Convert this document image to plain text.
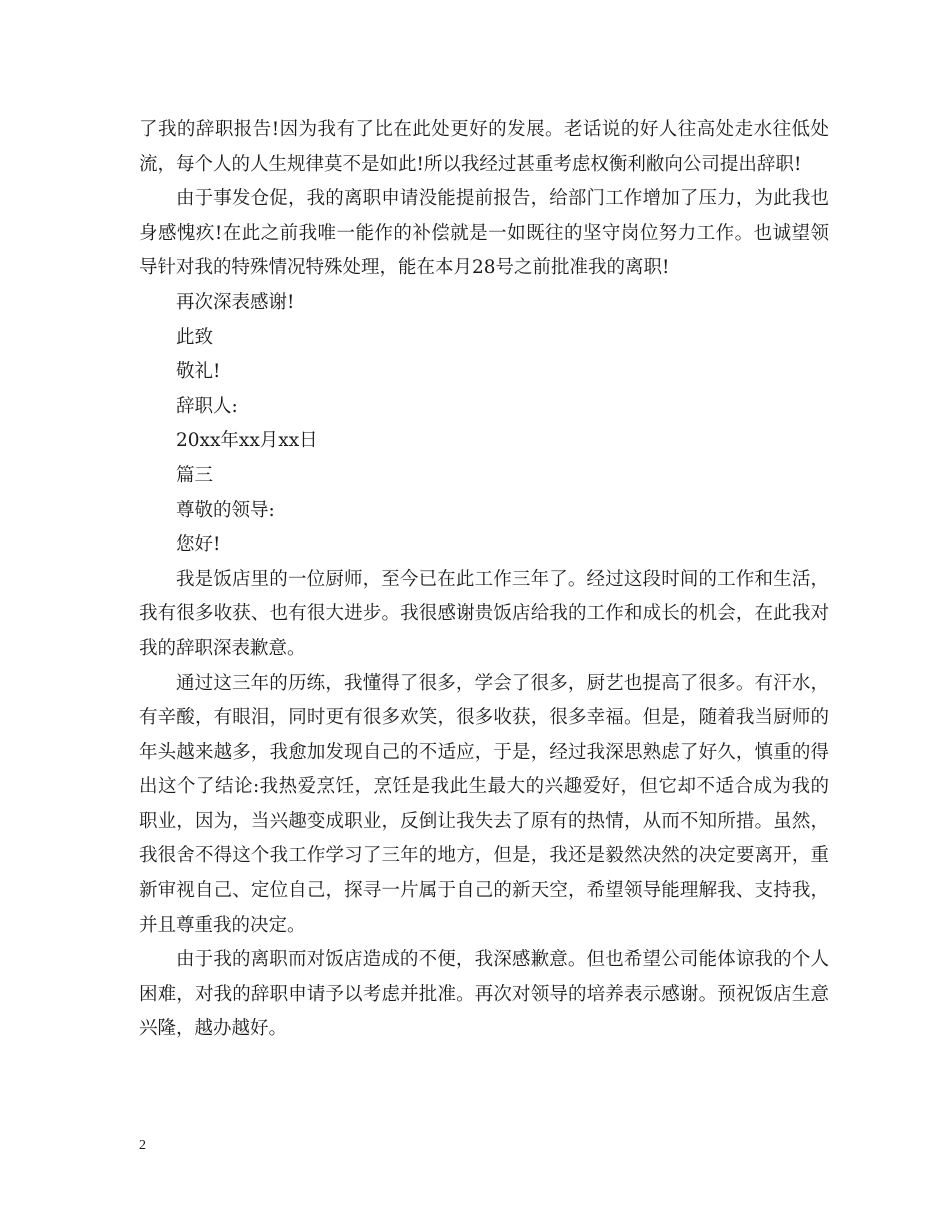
了我的辞职报告!因为我有了比在此处更好的发展。老话说的好人往高处走水往低处流，每个人的人生规律莫不是如此!所以我经过甚重考虑权衡利敝向公司提出辞职!

由于事发仓促，我的离职申请没能提前报告，给部门工作增加了压力，为此我也身感愧疚!在此之前我唯一能作的补偿就是一如既往的坚守岗位努力工作。也诚望领导针对我的特殊情况特殊处理，能在本月28号之前批准我的离职!

再次深表感谢!

此致

敬礼!

辞职人:

20xx年xx月xx日

篇三

尊敬的领导:

您好!

我是饭店里的一位厨师，至今已在此工作三年了。经过这段时间的工作和生活， 我有很多收获、也有很大进步。我很感谢贵饭店给我的工作和成长的机会，在此我对我的辞职深表歉意。

通过这三年的历练，我懂得了很多，学会了很多，厨艺也提高了很多。有汗水，有辛酸，有眼泪，同时更有很多欢笑，很多收获，很多幸福。但是，随着我当厨师的年头越来越多，我愈加发现自己的不适应，于是，经过我深思熟虑了好久，慎重的得出这个了结论:我热爱烹饪，烹饪是我此生最大的兴趣爱好，但它却不适合成为我的职业，因为，当兴趣变成职业，反倒让我失去了原有的热情，从而不知所措。虽然，我很舍不得这个我工作学习了三年的地方，但是，我还是毅然决然的决定要离开，重新审视自己、定位自己，探寻一片属于自己的新天空，希望领导能理解我、支持我，并且尊重我的决定。

由于我的离职而对饭店造成的不便，我深感歉意。但也希望公司能体谅我的个人困难，对我的辞职申请予以考虑并批准。再次对领导的培养表示感谢。预祝饭店生意兴隆，越办越好。

2
